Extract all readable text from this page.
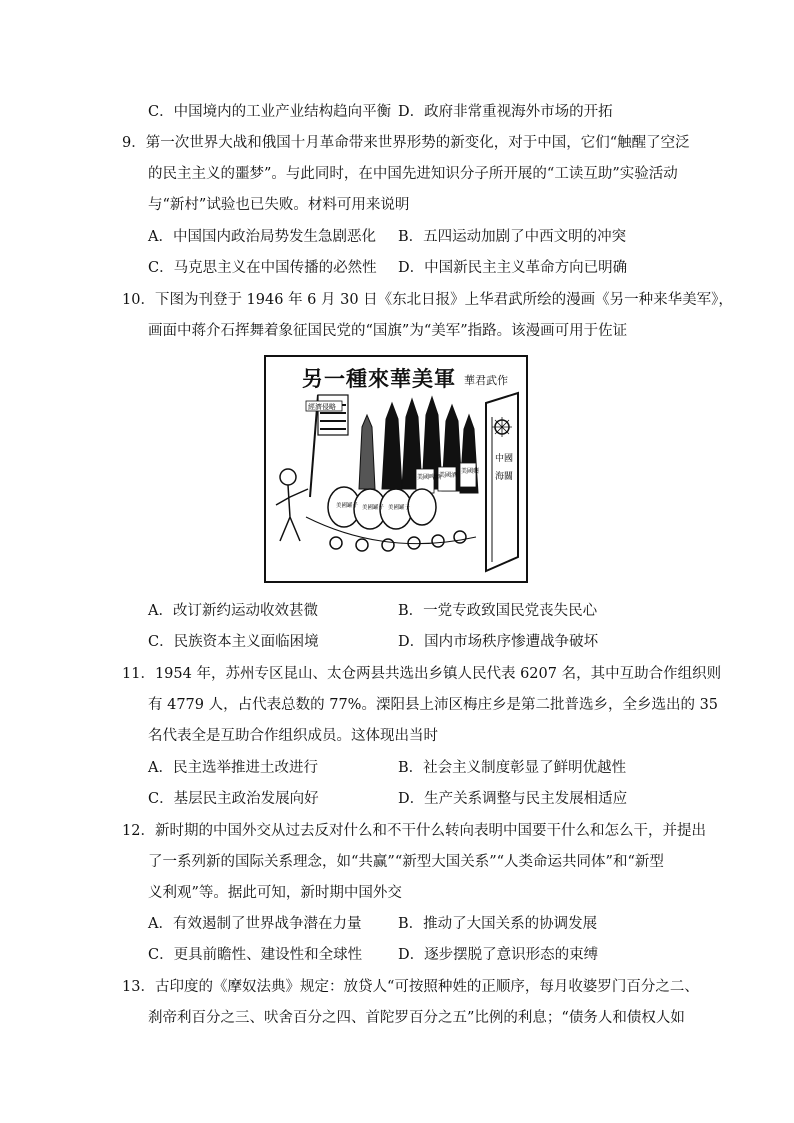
C．中国境内的工业产业结构趋向平衡 D．政府非常重视海外市场的开拓
9．第一次世界大战和俄国十月革命带来世界形势的新变化，对于中国，它们“触醒了空泛
的民主主义的噩梦”。与此同时，在中国先进知识分子所开展的“工读互助”实验活动
与“新村”试验也已失败。材料可用来说明
A．中国国内政治局势发生急剧恶化 B．五四运动加剧了中西文明的冲突
C．马克思主义在中国传播的必然性 D．中国新民主主义革命方向已明确
10．下图为刊登于 1946 年 6 月 30 日《东北日报》上华君武所绘的漫画《另一种来华美军》，
画面中蒋介石挥舞着象征国民党的“国旗”为“美军”指路。该漫画可用于佐证
中國
海關
經濟侵略
美國啤酒
美國酒
美國藥
美國罐子 美國罐子 美國罐子
另一種來華美軍 華君武作
A．改订新约运动收效甚微	B．一党专政致国民党丧失民心
C．民族资本主义面临困境	D．国内市场秩序惨遭战争破坏
11．1954 年，苏州专区昆山、太仓两县共选出乡镇人民代表 6207 名，其中互助合作组织则
有 4779 人，占代表总数的 77%。溧阳县上沛区梅庄乡是第二批普选乡，全乡选出的 35
名代表全是互助合作组织成员。这体现出当时
A．民主选举推进土改进行	B．社会主义制度彰显了鲜明优越性
C．基层民主政治发展向好	D．生产关系调整与民主发展相适应
12．新时期的中国外交从过去反对什么和不干什么转向表明中国要干什么和怎么干，并提出
了一系列新的国际关系理念，如“共赢”“新型大国关系”“人类命运共同体”和“新型
义利观”等。据此可知，新时期中国外交
A．有效遏制了世界战争潜在力量	B．推动了大国关系的协调发展
C．更具前瞻性、建设性和全球性 D．逐步摆脱了意识形态的束缚
13．古印度的《摩奴法典》规定：放贷人“可按照种姓的正顺序，每月收婆罗门百分之二、
刹帝利百分之三、吠舍百分之四、首陀罗百分之五”比例的利息；“债务人和债权人如
